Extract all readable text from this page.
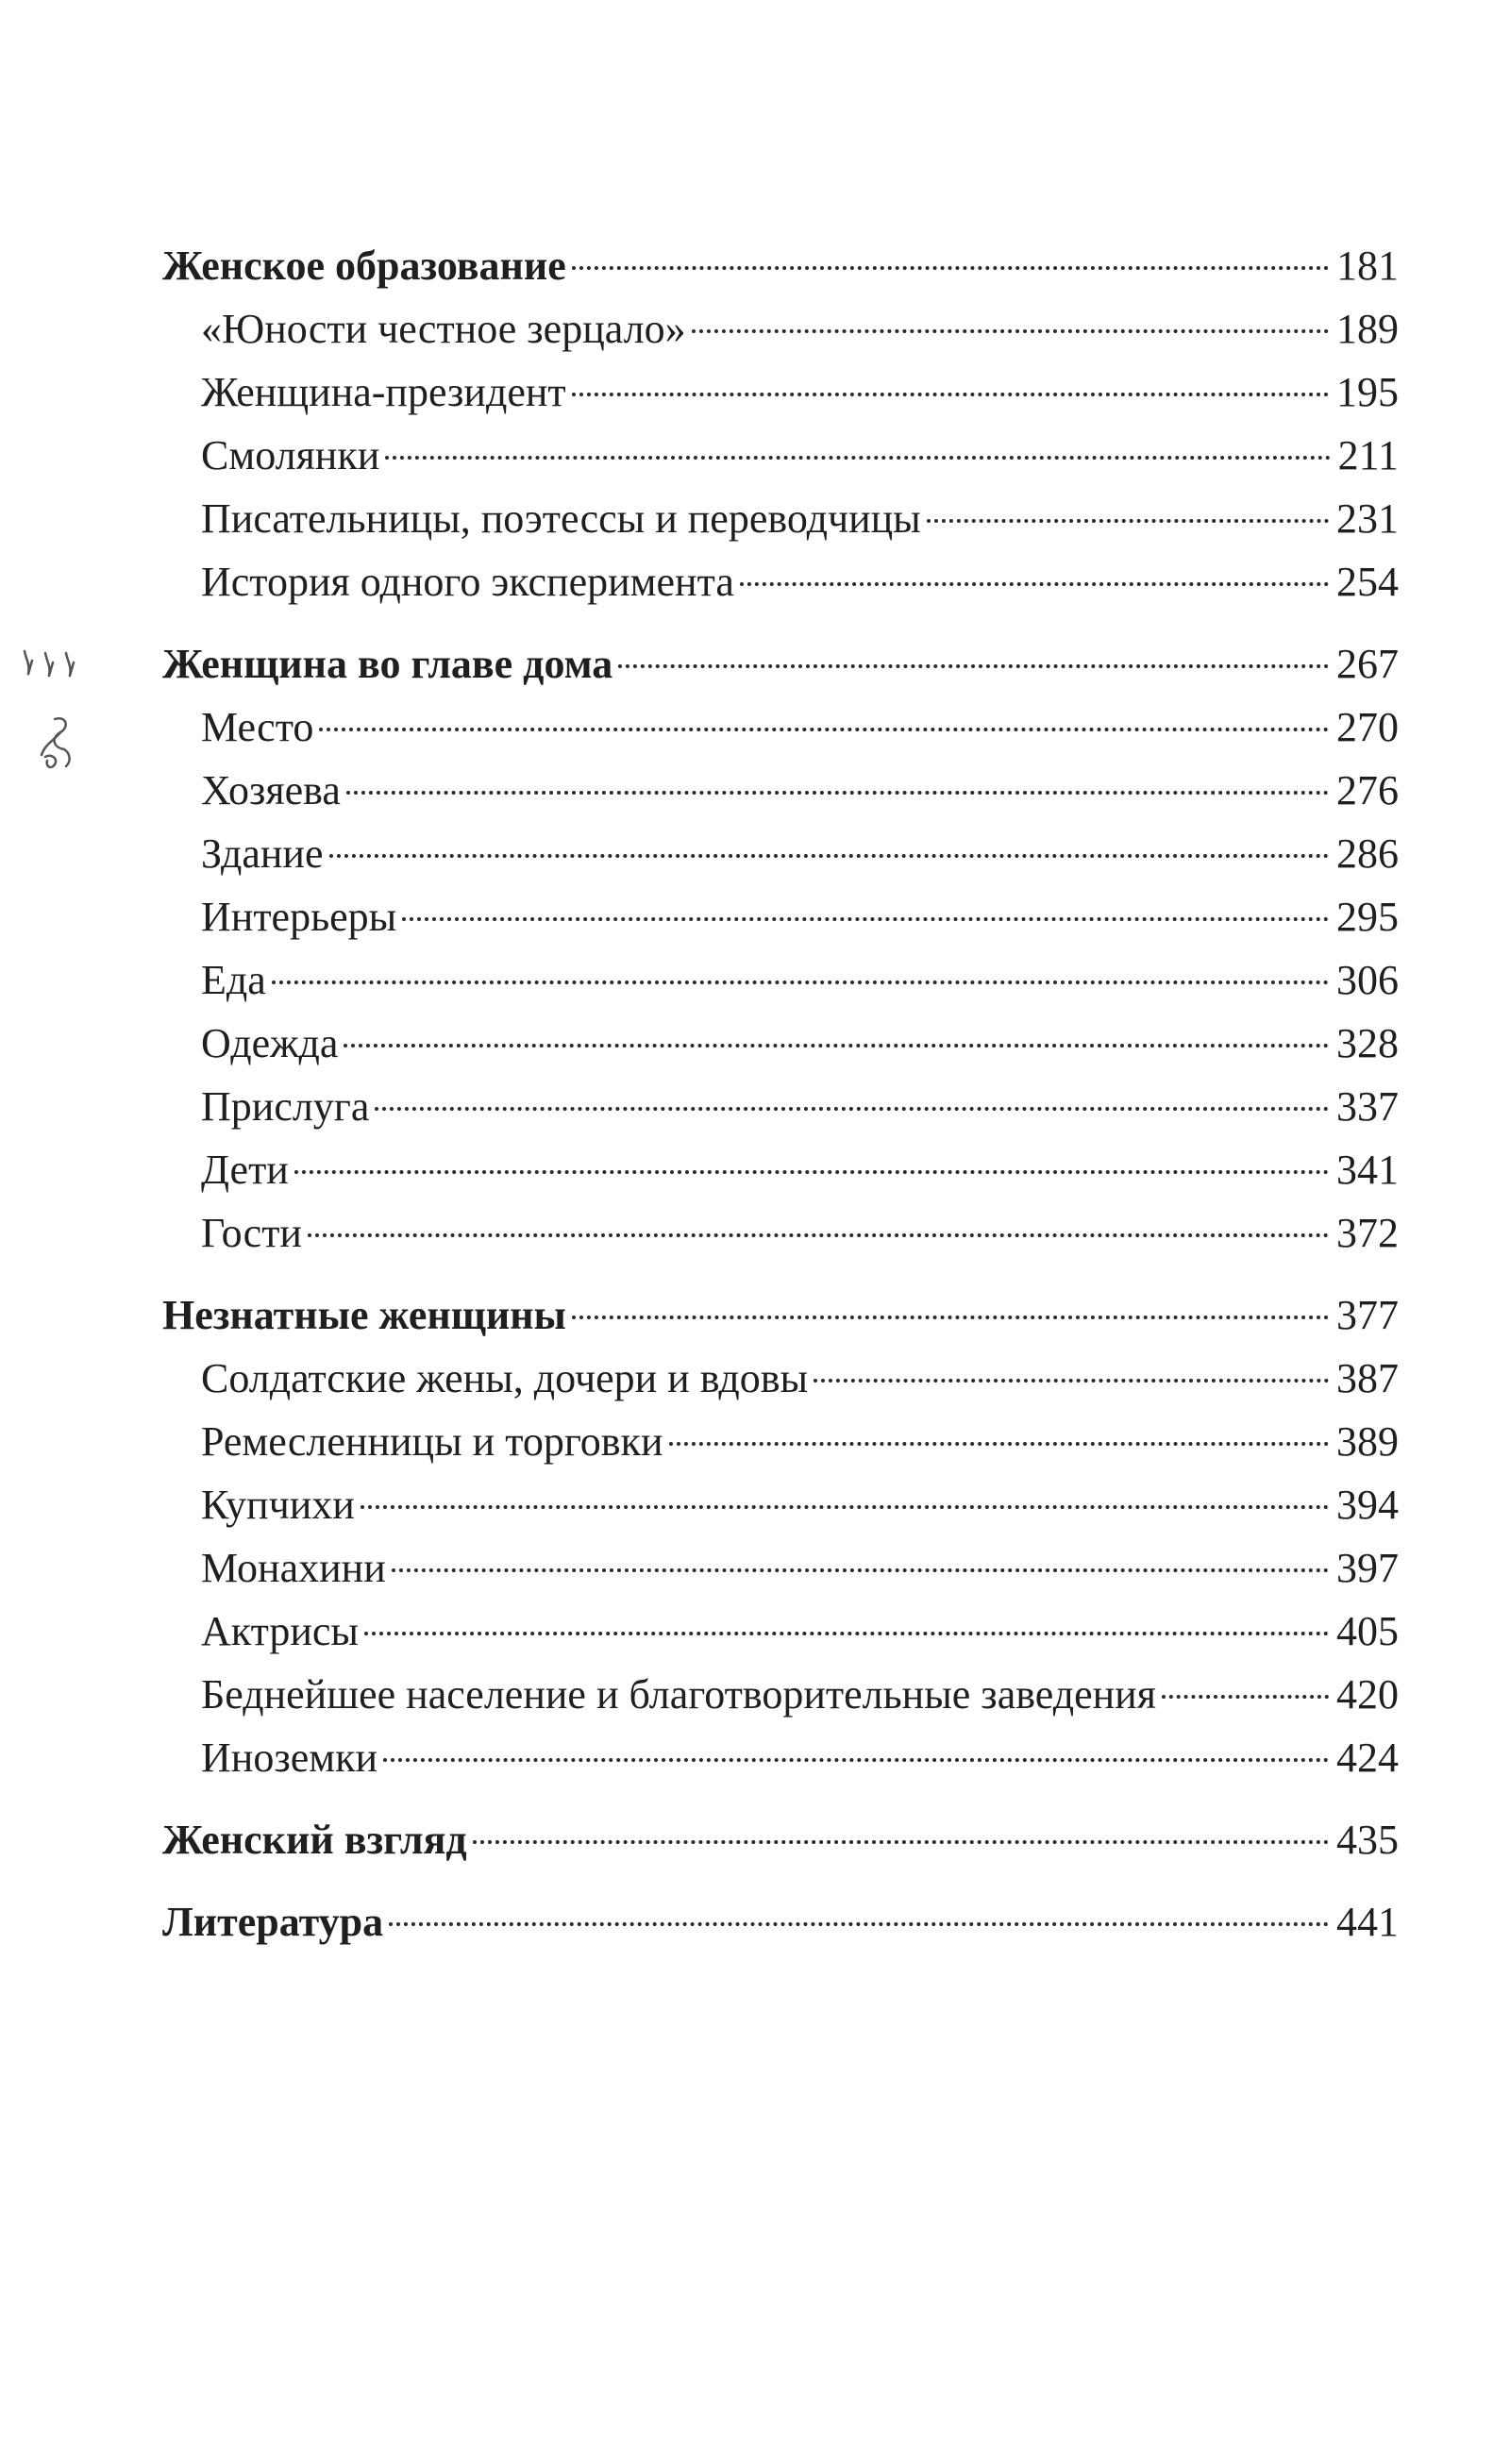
Женское образование	181
«Юности честное зерцало»	189
Женщина-президент	195
Смолянки	211
Писательницы, поэтессы и переводчицы	231
История одного эксперимента	254
Женщина во главе дома	267
Место	270
Хозяева	276
Здание	286
Интерьеры	295
Еда	306
Одежда	328
Прислуга	337
Дети	341
Гости	372
Незнатные женщины	377
Солдатские жены, дочери и вдовы	387
Ремесленницы и торговки	389
Купчихи	394
Монахини	397
Актрисы	405
Беднейшее население и благотворительные заведения	420
Иноземки	424
Женский взгляд	435
Литература	441
